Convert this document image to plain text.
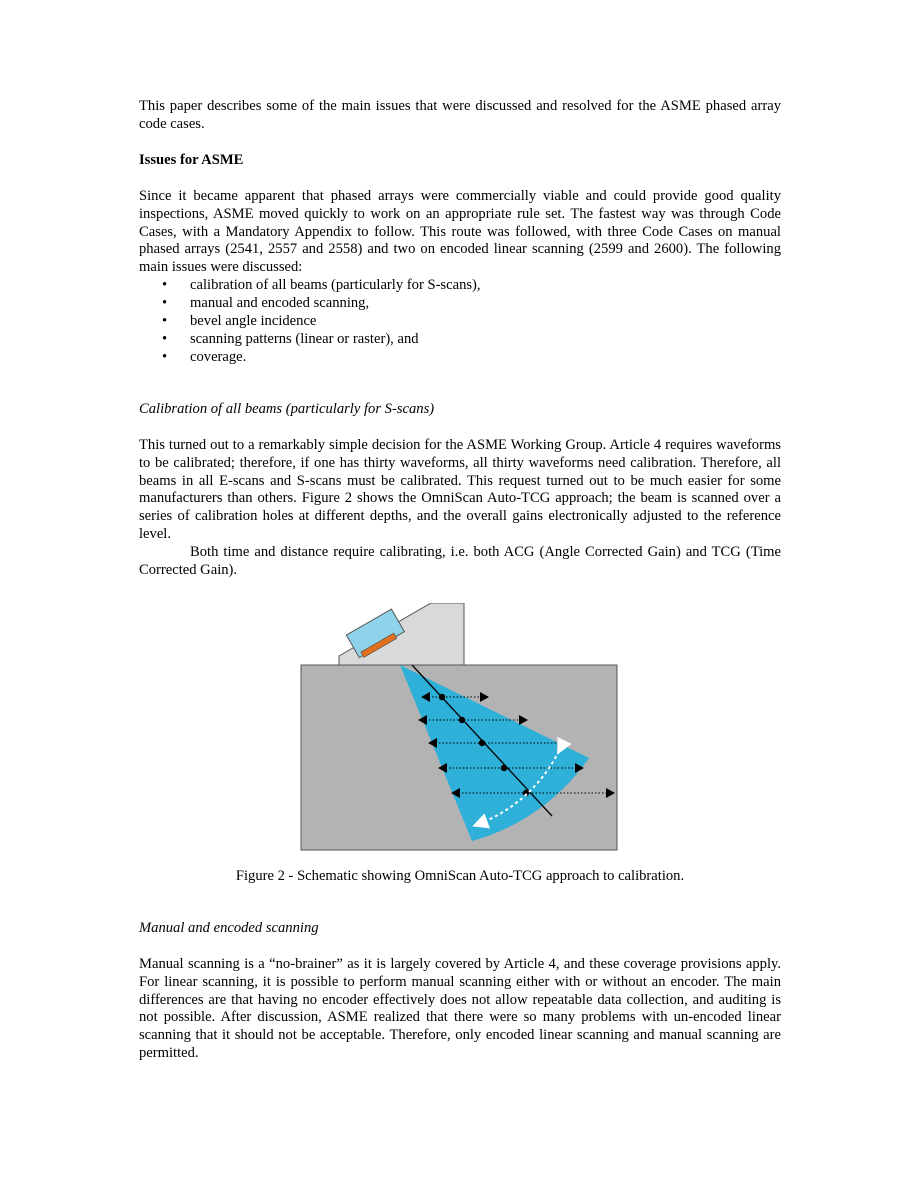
This paper describes some of the main issues that were discussed and resolved for the ASME phased array code cases.

Issues for ASME

Since it became apparent that phased arrays were commercially viable and could provide good quality inspections, ASME moved quickly to work on an appropriate rule set. The fastest way was through Code Cases, with a Mandatory Appendix to follow. This route was followed, with three Code Cases on manual phased arrays (2541, 2557 and 2558) and two on encoded linear scanning (2599 and 2600). The following main issues were discussed:

• calibration of all beams (particularly for S-scans),
• manual and encoded scanning,
• bevel angle incidence
• scanning patterns (linear or raster), and
• coverage.
Calibration of all beams (particularly for S-scans)

This turned out to a remarkably simple decision for the ASME Working Group. Article 4 requires waveforms to be calibrated; therefore, if one has thirty waveforms, all thirty waveforms need calibration. Therefore, all beams in all E-scans and S-scans must be calibrated. This request turned out to be much easier for some manufacturers than others. Figure 2 shows the OmniScan Auto-TCG approach; the beam is scanned over a series of calibration holes at different depths, and the overall gains electronically adjusted to the reference level.

Both time and distance require calibrating, i.e. both ACG (Angle Corrected Gain) and TCG (Time Corrected Gain).

Figure 2 - Schematic showing OmniScan Auto-TCG approach to calibration.

Manual and encoded scanning

Manual scanning is a “no-brainer” as it is largely covered by Article 4, and these coverage provisions apply. For linear scanning, it is possible to perform manual scanning either with or without an encoder. The main differences are that having no encoder effectively does not allow repeatable data collection, and auditing is not possible. After discussion, ASME realized that there were so many problems with un-encoded linear scanning that it should not be acceptable. Therefore, only encoded linear scanning and manual scanning are permitted.
